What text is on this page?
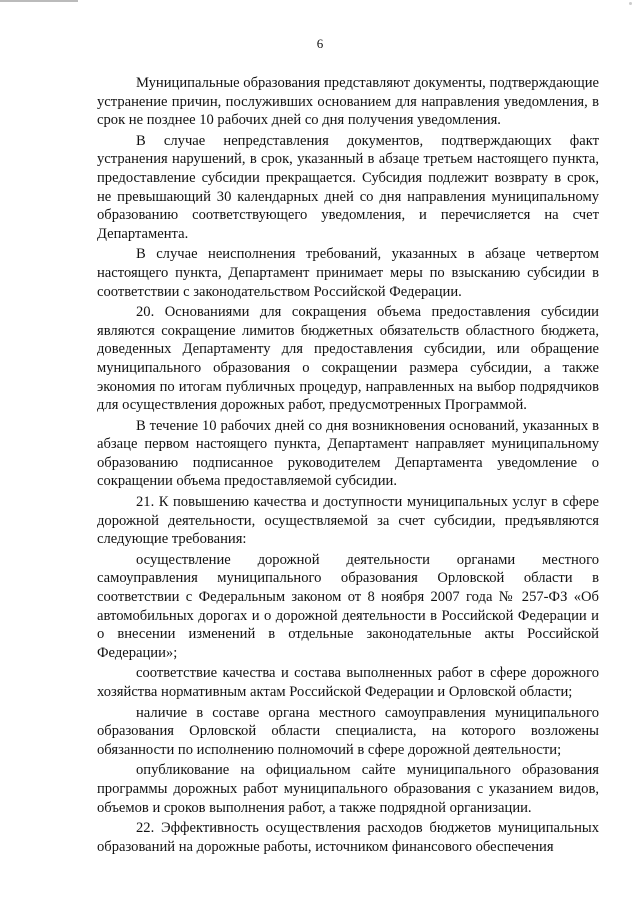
6

Муниципальные образования представляют документы, подтверждающие устранение причин, послуживших основанием для направления уведомления, в срок не позднее 10 рабочих дней со дня получения уведомления.

В случае непредставления документов, подтверждающих факт устранения нарушений, в срок, указанный в абзаце третьем настоящего пункта, предоставление субсидии прекращается. Субсидия подлежит возврату в срок, не превышающий 30 календарных дней со дня направления муниципальному образованию соответствующего уведомления, и перечисляется на счет Департамента.

В случае неисполнения требований, указанных в абзаце четвертом настоящего пункта, Департамент принимает меры по взысканию субсидии в соответствии с законодательством Российской Федерации.

20. Основаниями для сокращения объема предоставления субсидии являются сокращение лимитов бюджетных обязательств областного бюджета, доведенных Департаменту для предоставления субсидии, или обращение муниципального образования о сокращении размера субсидии, а также экономия по итогам публичных процедур, направленных на выбор подрядчиков для осуществления дорожных работ, предусмотренных Программой.

В течение 10 рабочих дней со дня возникновения оснований, указанных в абзаце первом настоящего пункта, Департамент направляет муниципальному образованию подписанное руководителем Департамента уведомление о сокращении объема предоставляемой субсидии.

21. К повышению качества и доступности муниципальных услуг в сфере дорожной деятельности, осуществляемой за счет субсидии, предъявляются следующие требования:

осуществление дорожной деятельности органами местного самоуправления муниципального образования Орловской области в соответствии с Федеральным законом от 8 ноября 2007 года № 257-ФЗ «Об автомобильных дорогах и о дорожной деятельности в Российской Федерации и о внесении изменений в отдельные законодательные акты Российской Федерации»;

соответствие качества и состава выполненных работ в сфере дорожного хозяйства нормативным актам Российской Федерации и Орловской области;

наличие в составе органа местного самоуправления муниципального образования Орловской области специалиста, на которого возложены обязанности по исполнению полномочий в сфере дорожной деятельности;

опубликование на официальном сайте муниципального образования программы дорожных работ муниципального образования с указанием видов, объемов и сроков выполнения работ, а также подрядной организации.

22. Эффективность осуществления расходов бюджетов муниципальных образований на дорожные работы, источником финансового обеспечения
